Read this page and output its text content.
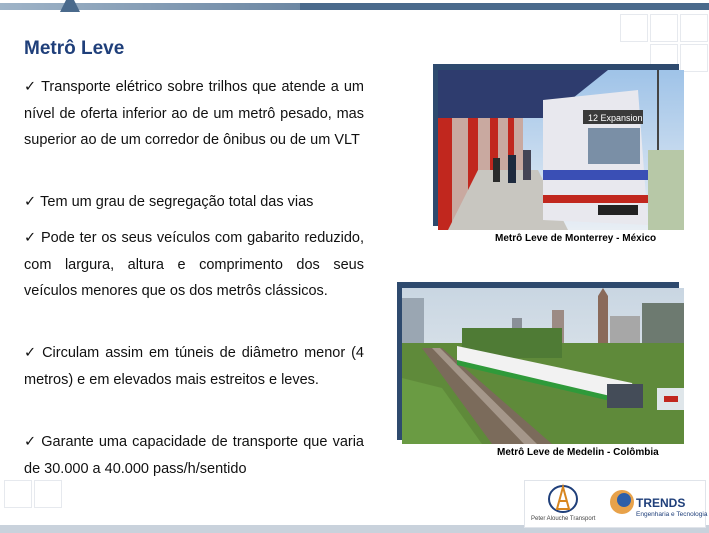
Metrô Leve

✓ Transporte elétrico sobre trilhos que atende a um nível de oferta inferior ao de um metrô pesado, mas superior ao de um corredor de ônibus ou de um VLT

✓ Tem um grau de segregação total das vias

✓ Pode ter os seus veículos com gabarito reduzido, com largura, altura e comprimento dos seus veículos menores que os dos metrôs clássicos.

✓ Circulam assim em túneis de diâmetro menor (4 metros) e em elevados mais estreitos e leves.

✓ Garante uma capacidade de transporte que varia de 30.000 a 40.000 pass/h/sentido

12 Expansion
Metrô Leve de Monterrey - México
Metrô Leve de Medelin - Colômbia
Peter Alouche Transport
TRENDS
Engenharia e Tecnologia
